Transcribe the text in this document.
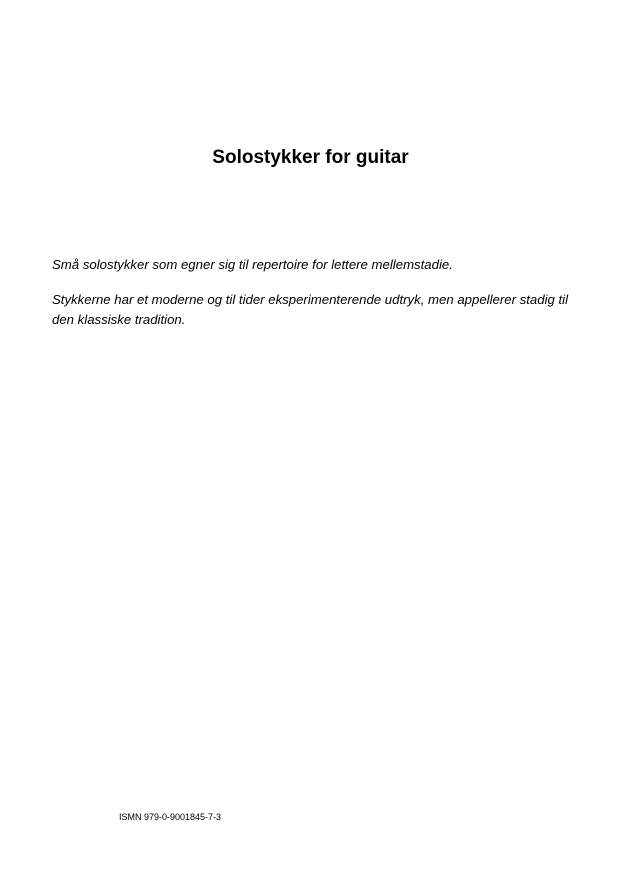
Solostykker for guitar

Små solostykker som egner sig til repertoire for lettere mellemstadie.

Stykkerne har et moderne og til tider eksperimenterende udtryk, men appellerer stadig til den klassiske tradition.

ISMN 979-0-9001845-7-3
